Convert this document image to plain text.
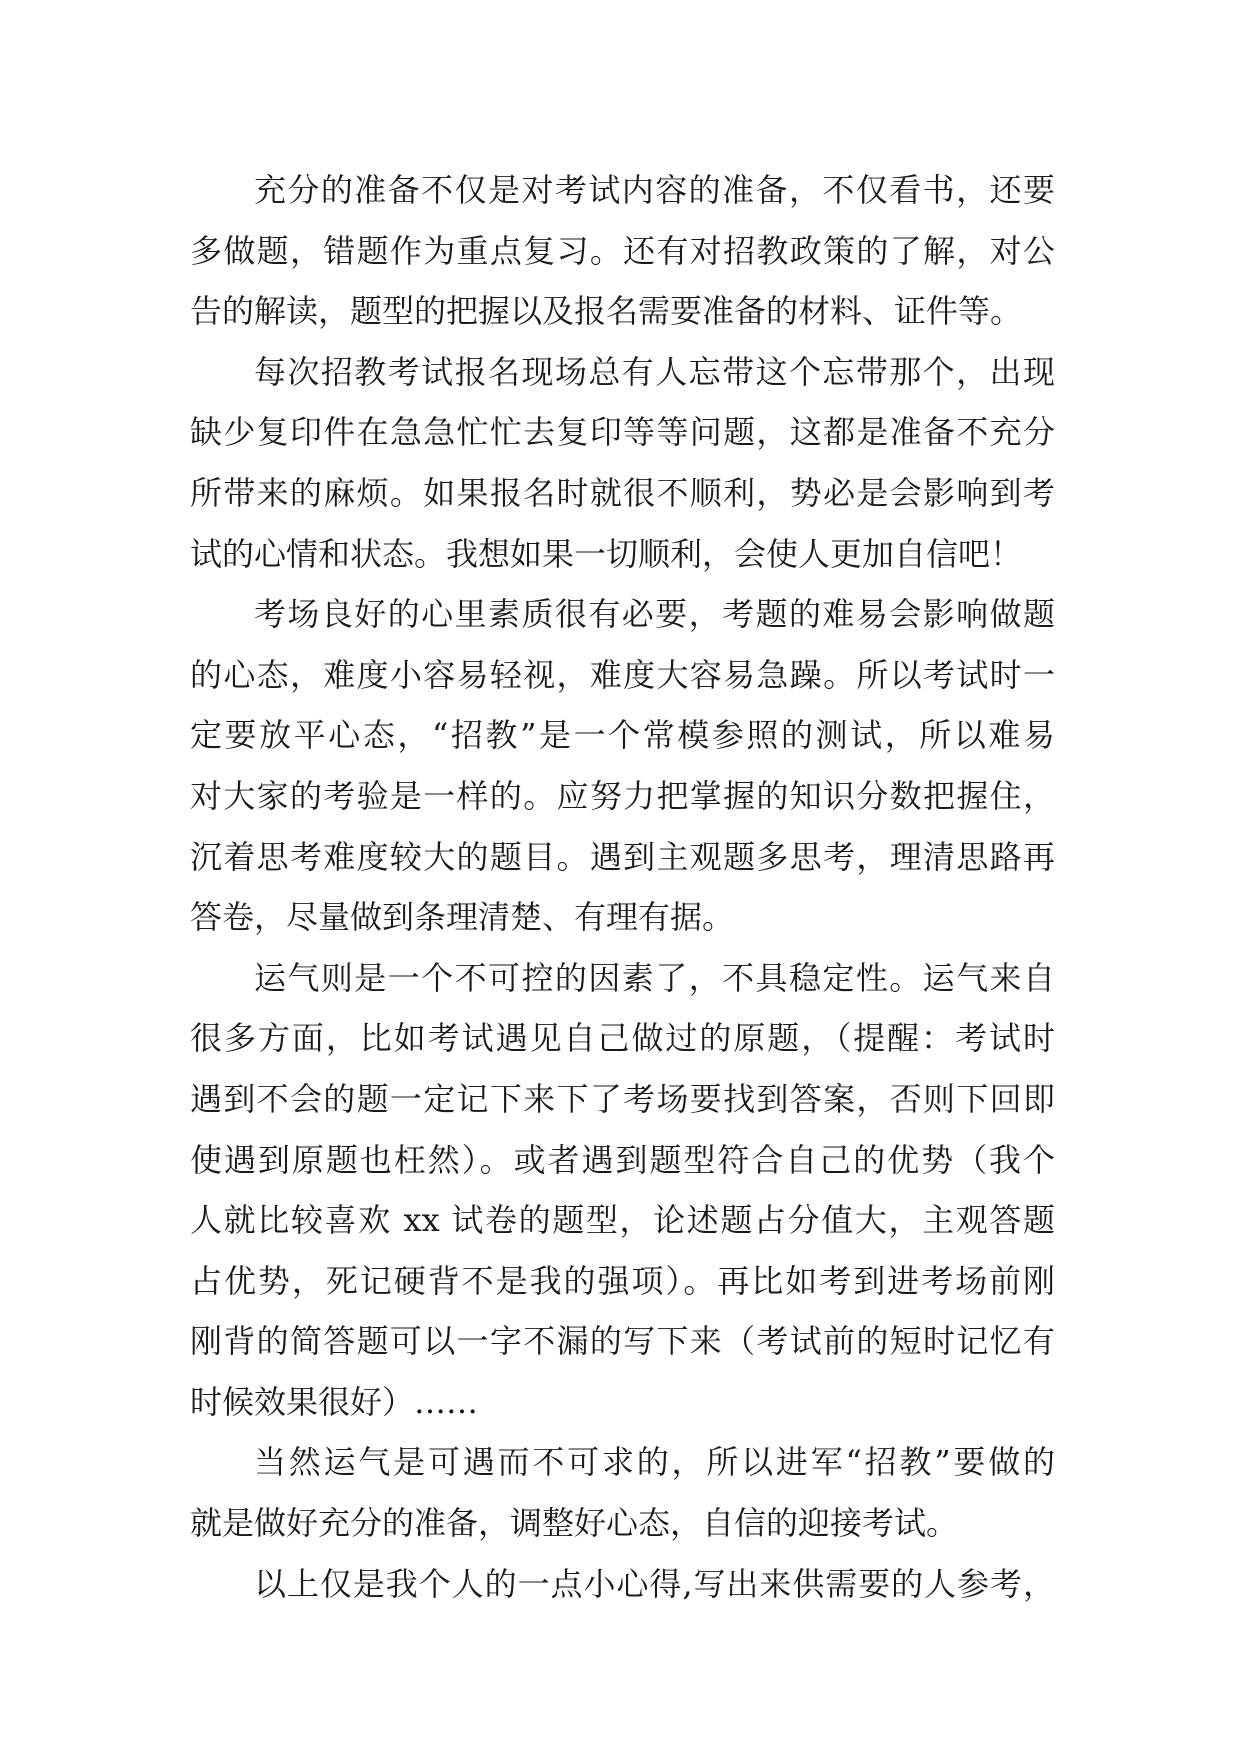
充分的准备不仅是对考试内容的准备，不仅看书，还要
多做题，错题作为重点复习。还有对招教政策的了解，对公
告的解读，题型的把握以及报名需要准备的材料、证件等。
每次招教考试报名现场总有人忘带这个忘带那个，出现
缺少复印件在急急忙忙去复印等等问题，这都是准备不充分
所带来的麻烦。如果报名时就很不顺利，势必是会影响到考
试的心情和状态。我想如果一切顺利，会使人更加自信吧！
考场良好的心里素质很有必要，考题的难易会影响做题
的心态，难度小容易轻视，难度大容易急躁。所以考试时一
定要放平心态，“招教”是一个常模参照的测试，所以难易
对大家的考验是一样的。应努力把掌握的知识分数把握住，
沉着思考难度较大的题目。遇到主观题多思考，理清思路再
答卷，尽量做到条理清楚、有理有据。
运气则是一个不可控的因素了，不具稳定性。运气来自
很多方面，比如考试遇见自己做过的原题，（提醒：考试时
遇到不会的题一定记下来下了考场要找到答案，否则下回即
使遇到原题也枉然）。或者遇到题型符合自己的优势（我个
人就比较喜欢 xx 试卷的题型，论述题占分值大，主观答题
占优势，死记硬背不是我的强项）。再比如考到进考场前刚
刚背的简答题可以一字不漏的写下来（考试前的短时记忆有
时候效果很好）……
当然运气是可遇而不可求的，所以进军“招教”要做的
就是做好充分的准备，调整好心态，自信的迎接考试。
以上仅是我个人的一点小心得,写出来供需要的人参考，
